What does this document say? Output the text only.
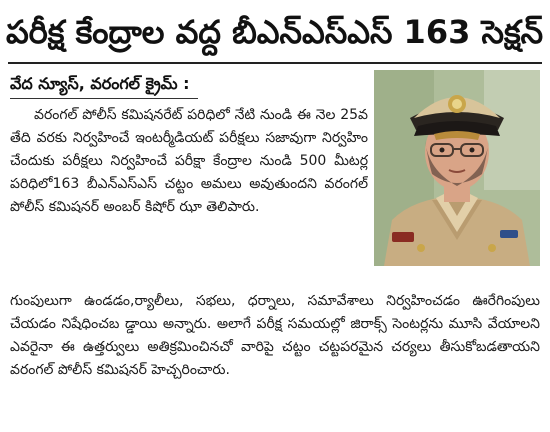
పరీక్ష కేంద్రాల వద్ద బీఎన్ఎస్ఎస్ 163 సెక్షన్
వేద న్యూస్, వరంగల్ క్రైమ్ :

వరంగల్ పోలీస్ కమిషనరేట్ పరిధిలో నేటి నుండి ఈ నెల 25వ తేది వరకు నిర్వహించే ఇంటర్మీడియట్ పరీక్షలు సజావుగా నిర్వహిం చేందుకు పరీక్షలు నిర్వహించే పరీక్షా కేంద్రాల నుండి 500 మీటర్ల పరిధిలో163 బీఎన్ఎస్ఎస్ చట్టం అమలు అవుతుందని వరంగల్ పోలీస్ కమిషనర్ అంబర్ కిషోర్ ఝా తెలిపారు.

గుంపులుగా ఉండడం,ర్యాలీలు, సభలు, ధర్నాలు, సమావేశాలు నిర్వహించడం ఊరేగింపులు చేయడం నిషేధించబ డ్డాయి అన్నారు. అలాగే పరీక్ష సమయల్లో జిరాక్స్ సెంటర్లను మూసి వేయాలని ఎవరైనా ఈ ఉత్తర్వులు అతిక్రమించినచో వారిపై చట్టం చట్టపరమైన చర్యలు తీసుకోబడతాయని వరంగల్ పోలీస్ కమిషనర్ హెచ్చరించారు.
